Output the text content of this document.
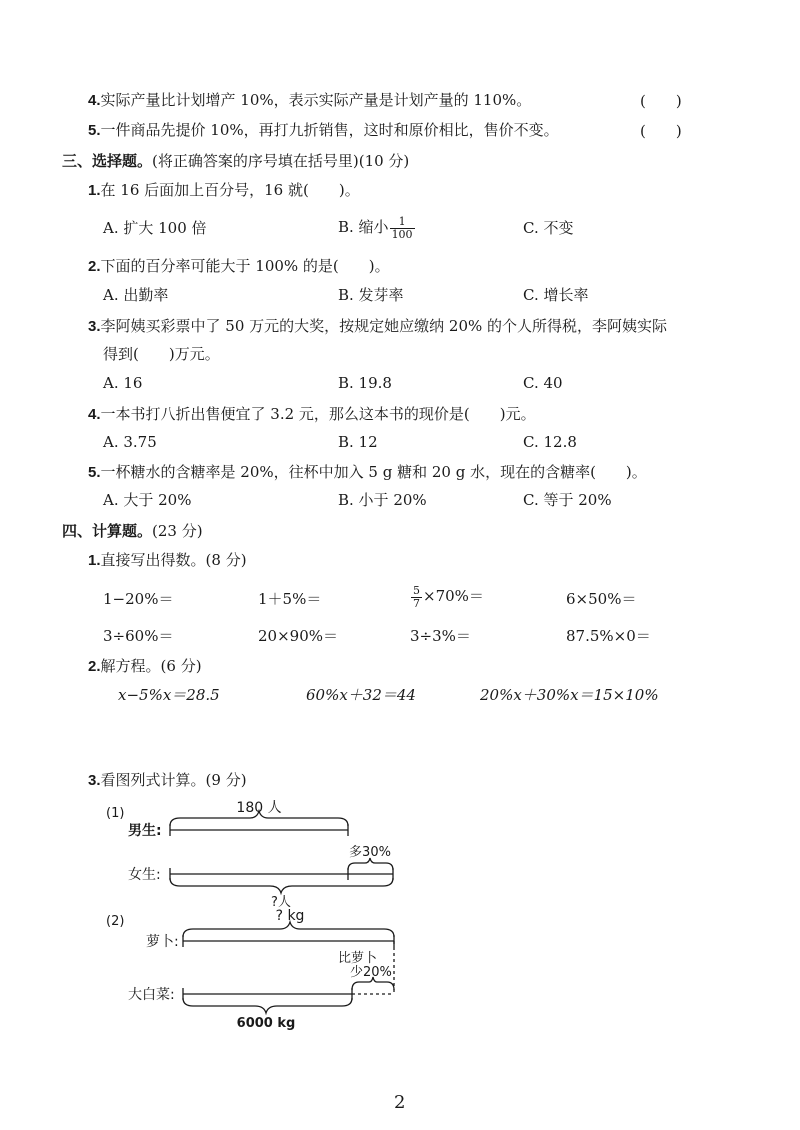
4.实际产量比计划增产 10%，表示实际产量是计划产量的 110%。	(　　)
5.一件商品先提价 10%，再打九折销售，这时和原价相比，售价不变。	(　　)
三、选择题。(将正确答案的序号填在括号里)(10 分)
1.在 16 后面加上百分号，16 就(　　)。
A. 扩大 100 倍	B. 缩小 $\frac{1}{100}$	C. 不变
2.下面的百分率可能大于 100% 的是(　　)。
A. 出勤率	B. 发芽率	C. 增长率
3.李阿姨买彩票中了 50 万元的大奖，按规定她应缴纳 20% 的个人所得税，李阿姨实际
得到(　　)万元。
A. 16	B. 19.8	C. 40
4.一本书打八折出售便宜了 3.2 元，那么这本书的现价是(　　)元。
A. 3.75	B. 12	C. 12.8
5.一杯糖水的含糖率是 20%，往杯中加入 5 g 糖和 20 g 水，现在的含糖率(　　)。
A. 大于 20%	B. 小于 20%	C. 等于 20%
四、计算题。(23 分)
1.直接写出得数。(8 分)
1−20%＝	1＋5%＝	$\frac{5}{7} \times 70\%=$	6×50%＝
3÷60%＝	20×90%＝	3÷3%＝	87.5%×0＝
2.解方程。(6 分)
x−5%x＝28.5	60%x＋32＝44	20%x＋30%x＝15×10%
3.看图列式计算。(9 分)
(1)
男生:
180 人
女生:
多30%
?人
(2)
萝卜:
? kg
比萝卜
少20%
大白菜:
6000 kg
2
